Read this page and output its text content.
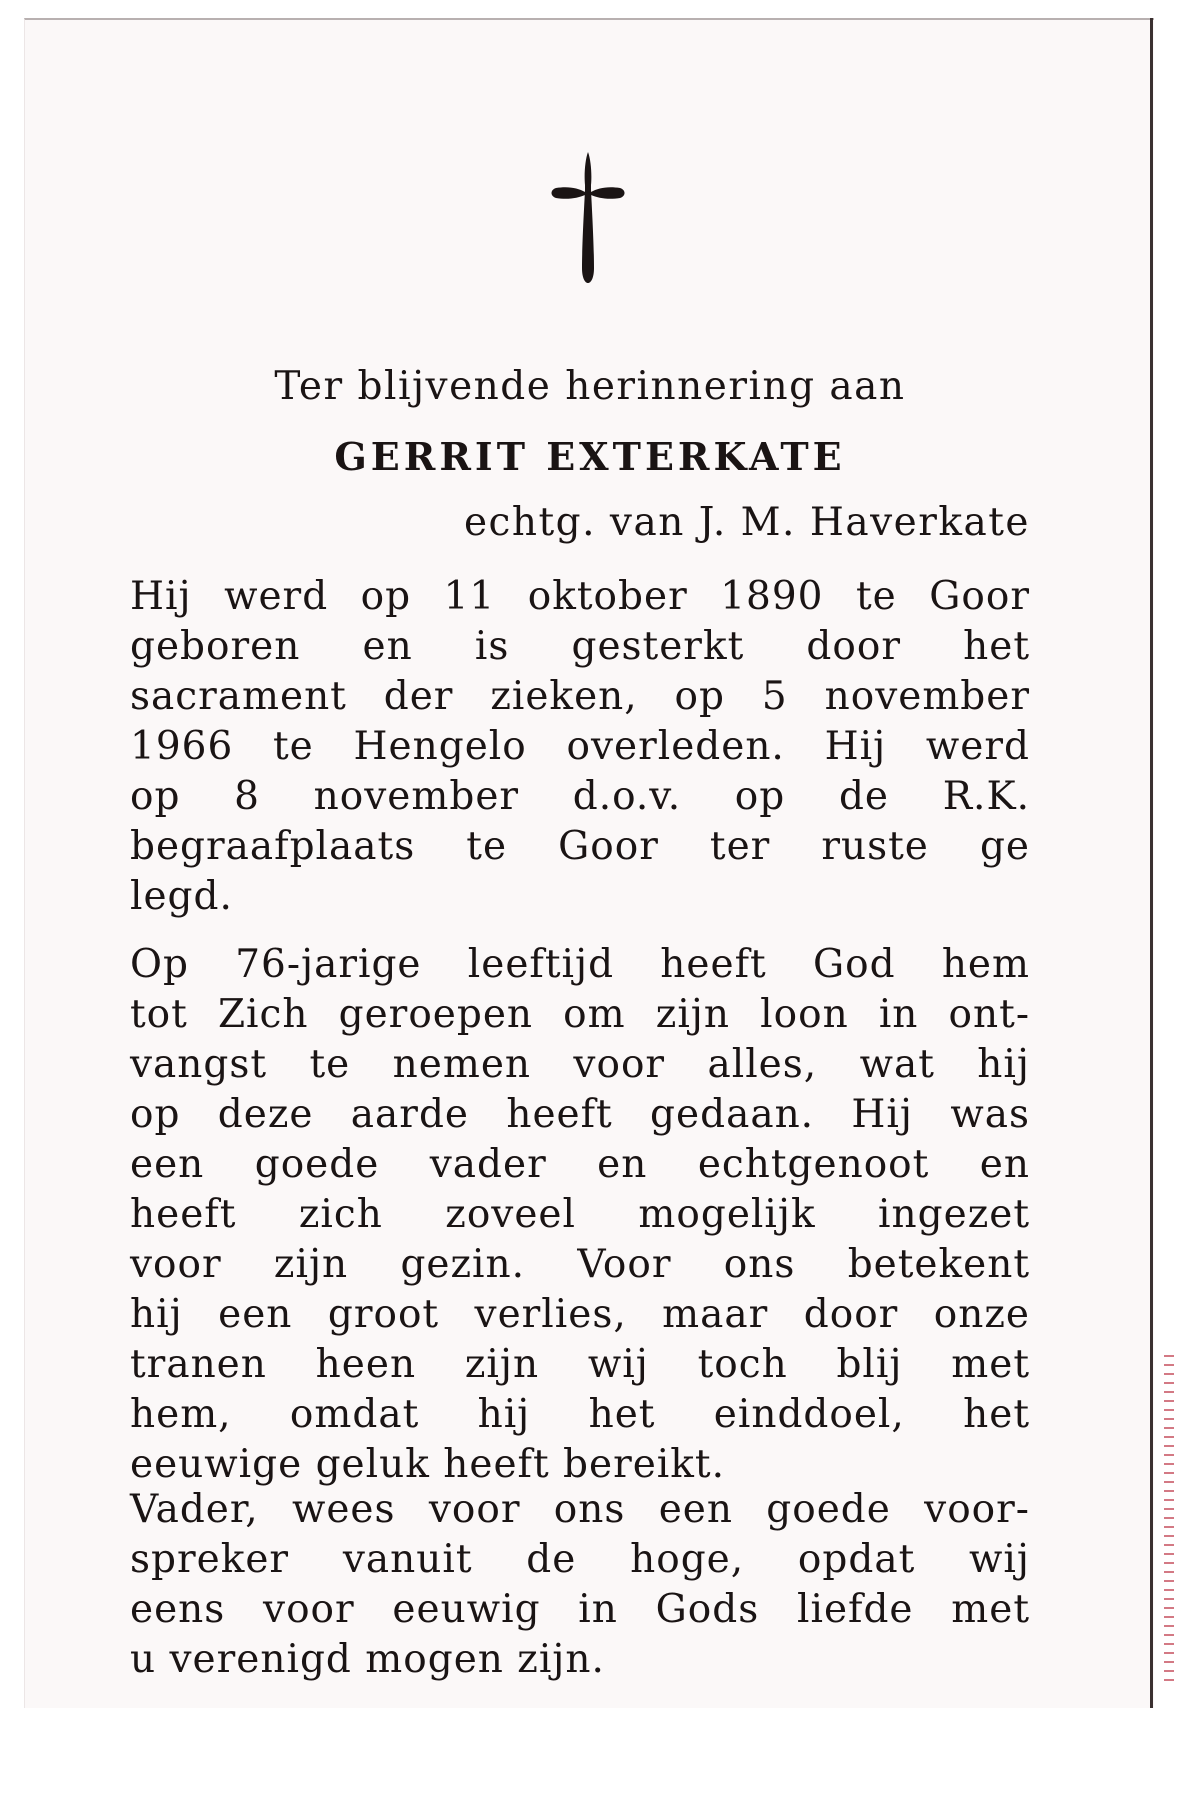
Ter blijvende herinnering aan
GERRIT EXTERKATE
echtg. van J. M. Haverkate
Hij werd op 11 oktober 1890 te Goor
geboren en is gesterkt door het
sacrament der zieken, op 5 november
1966 te Hengelo overleden. Hij werd
op 8 november d.o.v. op de R.K.
begraafplaats te Goor ter ruste ge
legd.
Op 76-jarige leeftijd heeft God hem
tot Zich geroepen om zijn loon in ont-
vangst te nemen voor alles, wat hij
op deze aarde heeft gedaan. Hij was
een goede vader en echtgenoot en
heeft zich zoveel mogelijk ingezet
voor zijn gezin. Voor ons betekent
hij een groot verlies, maar door onze
tranen heen zijn wij toch blij met
hem, omdat hij het einddoel, het
eeuwige geluk heeft bereikt.
Vader, wees voor ons een goede voor-
spreker vanuit de hoge, opdat wij
eens voor eeuwig in Gods liefde met
u verenigd mogen zijn.
